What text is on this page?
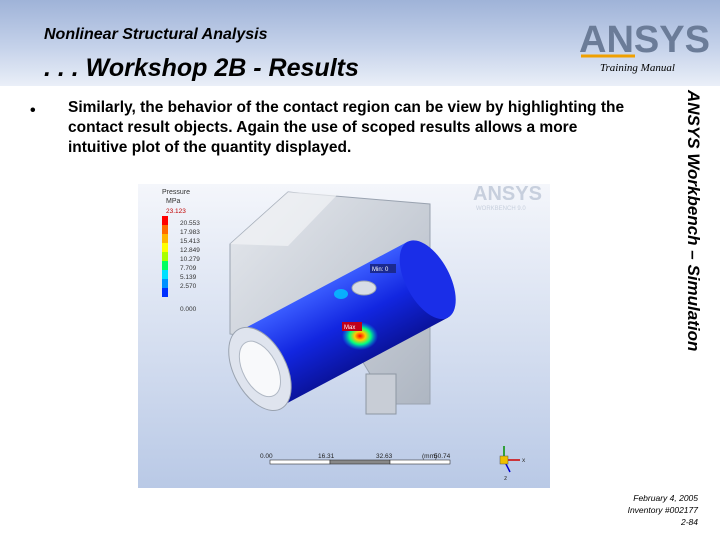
Nonlinear Structural Analysis
. . . Workshop 2B - Results
ANSYS
Training Manual
• Similarly, the behavior of the contact region can be view by highlighting the contact result objects. Again the use of scoped results allows a more intuitive plot of the quantity displayed.	ANSYS Workbench – Simulation
Pressure
MPa
23.123
20.553
17.983
15.413
12.849
10.279
7.709
5.139
2.570
0.000
ANSYS
WORKBENCH 9.0
Min: 0
Max
0.00	16.31	32.63	50.74
(mm)
x
z
February 4, 2005
Inventory #002177
2-84
